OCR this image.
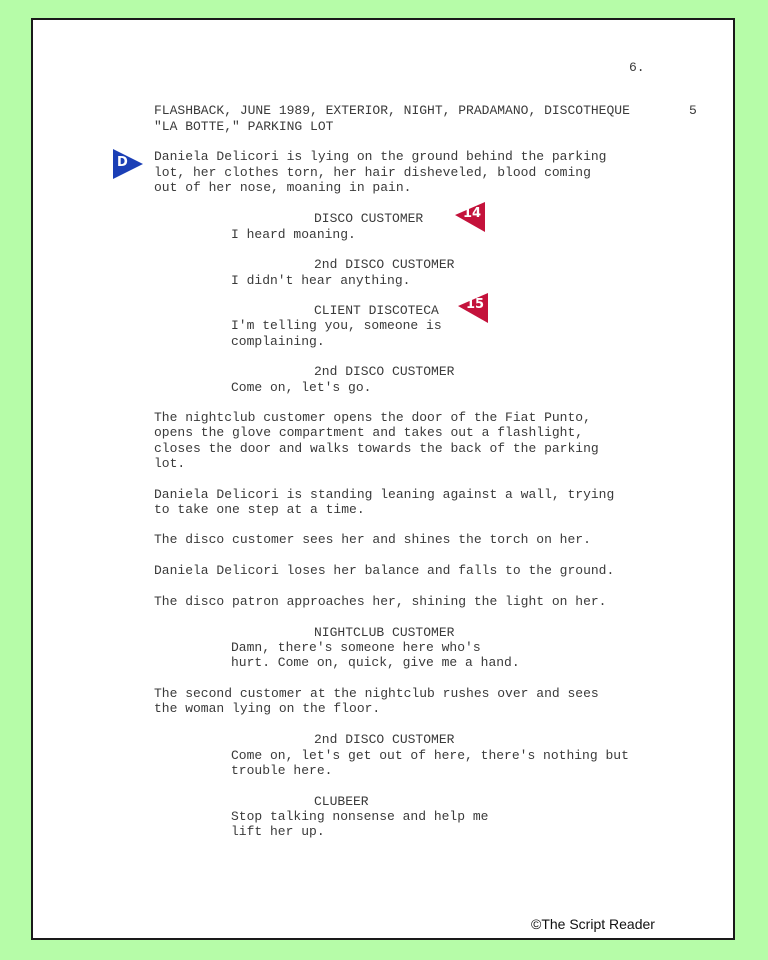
6.
FLASHBACK, JUNE 1989, EXTERIOR, NIGHT, PRADAMANO, DISCOTHEQUE
"LA BOTTE," PARKING LOT
5
D Daniela Delicori is lying on the ground behind the parking
lot, her clothes torn, her hair disheveled, blood coming
out of her nose, moaning in pain.
DISCO CUSTOMER	14
I heard moaning.
2nd DISCO CUSTOMER
I didn't hear anything.
CLIENT DISCOTECA 15
I'm telling you, someone is
complaining.
2nd DISCO CUSTOMER
Come on, let's go.
The nightclub customer opens the door of the Fiat Punto,
opens the glove compartment and takes out a flashlight,
closes the door and walks towards the back of the parking
lot.
Daniela Delicori is standing leaning against a wall, trying
to take one step at a time.
The disco customer sees her and shines the torch on her.
Daniela Delicori loses her balance and falls to the ground.
The disco patron approaches her, shining the light on her.
NIGHTCLUB CUSTOMER
Damn, there's someone here who's
hurt. Come on, quick, give me a hand.
The second customer at the nightclub rushes over and sees
the woman lying on the floor.
2nd DISCO CUSTOMER
Come on, let's get out of here, there's nothing but
trouble here.
CLUBEER
Stop talking nonsense and help me
lift her up.
©The Script Reader
